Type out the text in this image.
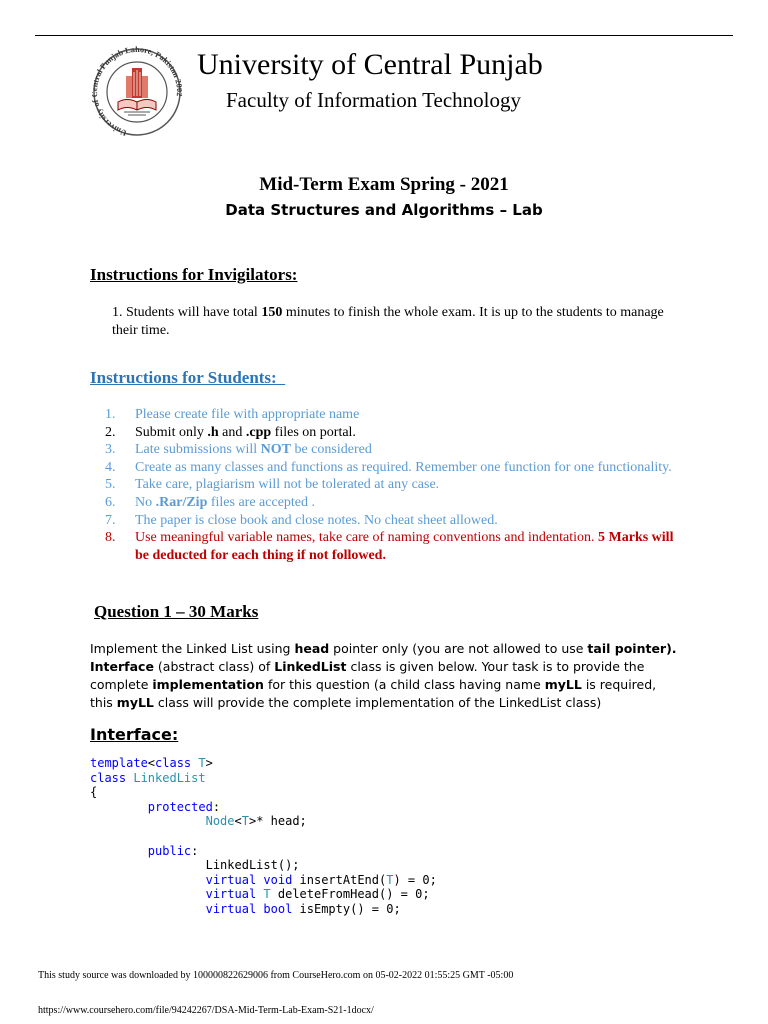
University o tral Punjab Lahore, Pakistan University of Central Punjab
Faculty of Information Technology
Mid-Term Exam Spring - 2021
Data Structures and Algorithms – Lab
Instructions for Invigilators:
1. Students will have total 150 minutes to finish the whole exam. It is up to the students to manage their time.
Instructions for Students:
1.	Please create file with appropriate name
2.	Submit only .h and .cpp files on portal.
3.	Late submissions will NOT be considered
4.	Create as many classes and functions as required. Remember one function for one functionality.
5.	Take care, plagiarism will not be tolerated at any case.
6.	No .Rar/Zip files are accepted .
7.	The paper is close book and close notes. No cheat sheet allowed.
8.	Use meaningful variable names, take care of naming conventions and indentation. 5 Marks will be deducted for each thing if not followed.
Question 1 – 30 Marks
Implement the Linked List using head pointer only (you are not allowed to use tail pointer). Interface (abstract class) of LinkedList class is given below. Your task is to provide the complete implementation for this question (a child class having name myLL is required, this myLL class will provide the complete implementation of the LinkedList class)
Interface:
template<class T>
class LinkedList
{
protected:
Node<T>* head;

public:
LinkedList();
virtual void insertAtEnd(T) = 0;
virtual T deleteFromHead() = 0;
virtual bool isEmpty() = 0;
This study source was downloaded by 100000822629006 from CourseHero.com on 05-02-2022 01:55:25 GMT -05:00
https://www.coursehero.com/file/94242267/DSA-Mid-Term-Lab-Exam-S21-1docx/
